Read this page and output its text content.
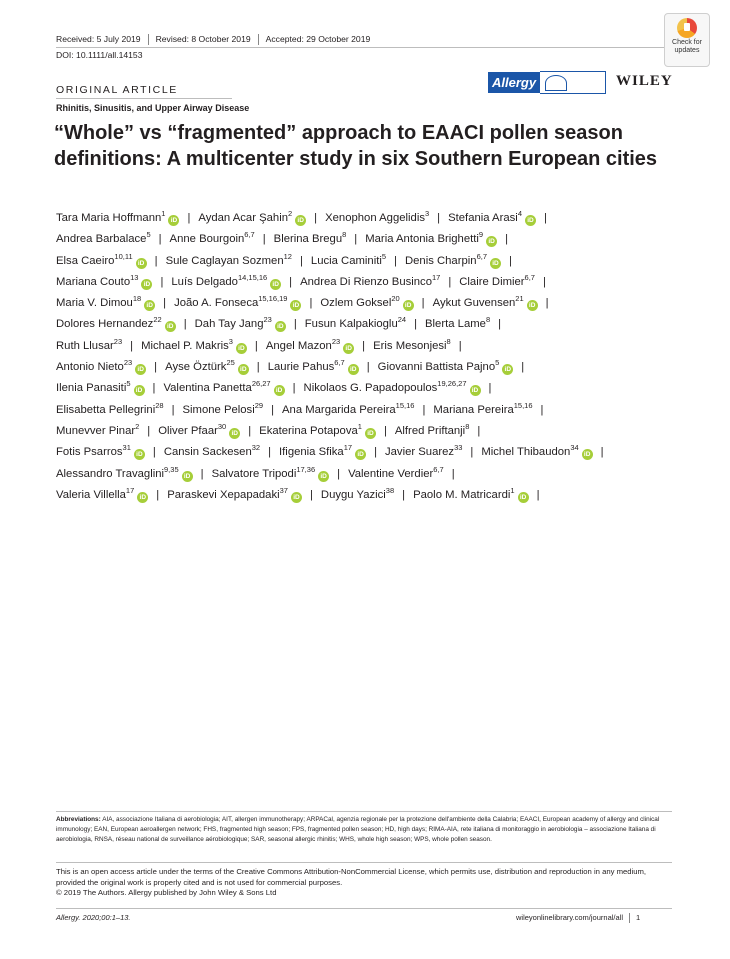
Received: 5 July 2019 Revised: 8 October 2019 Accepted: 29 October 2019
DOI: 10.1111/all.14153
Check for updates
ORIGINAL ARTICLE
Rhinitis, Sinusitis, and Upper Airway Disease
Allergy	WILEY
“Whole” vs “fragmented” approach to EAACI pollen season definitions: A multicenter study in six Southern European cities
Tara Maria Hoffmann$^1$iD | Aydan Acar Şahin$^2$iD | Xenophon Aggelidis$^3$ | Stefania Arasi$^4$iD |
Andrea Barbalace$^5$ | Anne Bourgoin$^{6,7}$ | Blerina Bregu$^8$ | Maria Antonia Brighetti$^9$iD |
Elsa Caeiro$^{10,11}$iD | Sule Caglayan Sozmen$^{12}$ | Lucia Caminiti$^5$ | Denis Charpin$^{6,7}$iD |
Mariana Couto$^{13}$iD | Luís Delgado$^{14,15,16}$iD | Andrea Di Rienzo Businco$^{17}$ | Claire Dimier$^{6,7}$ |
Maria V. Dimou$^{18}$iD | João A. Fonseca$^{15,16,19}$iD | Ozlem Goksel$^{20}$iD | Aykut Guvensen$^{21}$iD |
Dolores Hernandez$^{22}$iD | Dah Tay Jang$^{23}$iD | Fusun Kalpakioglu$^{24}$ | Blerta Lame$^8$ |
Ruth Llusar$^{23}$ | Michael P. Makris$^3$iD | Angel Mazon$^{23}$iD | Eris Mesonjesi$^8$ |
Antonio Nieto$^{23}$iD | Ayse Öztürk$^{25}$iD | Laurie Pahus$^{6,7}$iD | Giovanni Battista Pajno$^5$iD |
Ilenia Panasiti$^5$iD | Valentina Panetta$^{26,27}$iD | Nikolaos G. Papadopoulos$^{19,26,27}$iD |
Elisabetta Pellegrini$^{28}$ | Simone Pelosi$^{29}$ | Ana Margarida Pereira$^{15,16}$ | Mariana Pereira$^{15,16}$ |
Munevver Pinar$^2$ | Oliver Pfaar$^{30}$iD | Ekaterina Potapova$^1$iD | Alfred Priftanji$^8$ |
Fotis Psarros$^{31}$iD | Cansin Sackesen$^{32}$ | Ifigenia Sfika$^{17}$iD | Javier Suarez$^{33}$ | Michel Thibaudon$^{34}$iD |
Alessandro Travaglini$^{9,35}$iD | Salvatore Tripodi$^{17,36}$iD | Valentine Verdier$^{6,7}$ |
Valeria Villella$^{17}$iD | Paraskevi Xepapadaki$^{37}$iD | Duygu Yazici$^{38}$ | Paolo M. Matricardi$^1$iD |
Abbreviations: AIA, associazione Italiana di aerobiologia; AIT, allergen immunotherapy; ARPACal, agenzia regionale per la protezione dell'ambiente della Calabria; EAACI, European academy of allergy and clinical immunology; EAN, European aeroallergen network; FHS, fragmented high season; FPS, fragmented pollen season; HD, high days; RIMA-AIA, rete italiana di monitoraggio in aerobiologia – associazione Italiana di aerobiologia, RNSA, réseau national de surveillance aérobiologique; SAR, seasonal allergic rhinitis; WHS, whole high season; WPS, whole pollen season.
This is an open access article under the terms of the Creative Commons Attribution-NonCommercial License, which permits use, distribution and reproduction in any medium, provided the original work is properly cited and is not used for commercial purposes.
© 2019 The Authors. Allergy published by John Wiley & Sons Ltd
Allergy. 2020;00:1–13.	wileyonlinelibrary.com/journal/all 1
